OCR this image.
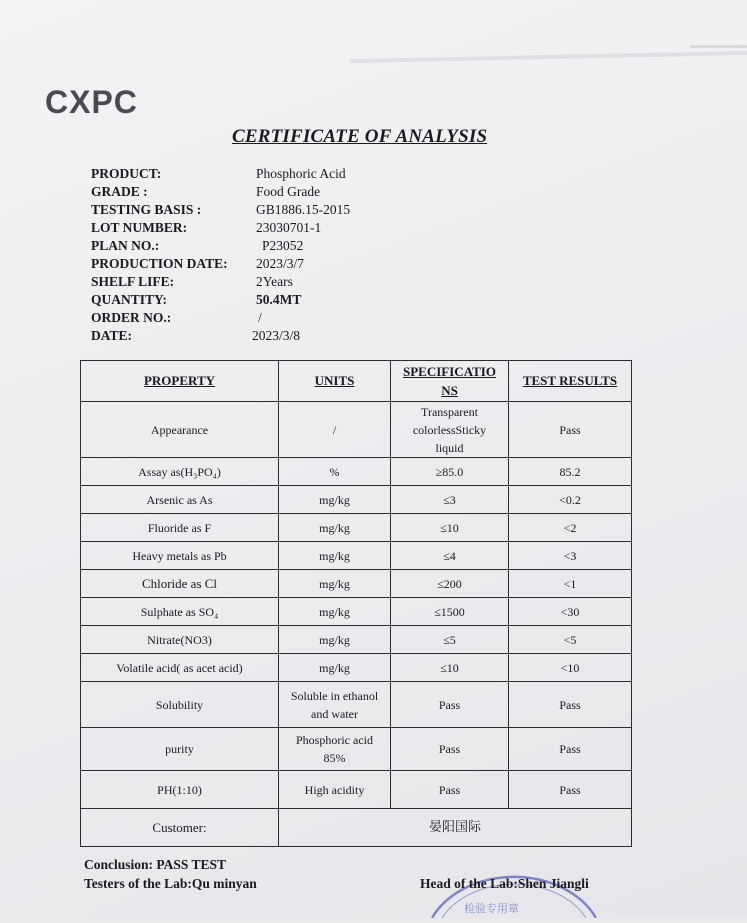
CXPC
CERTIFICATE OF ANALYSIS
PRODUCT:	Phosphoric Acid
GRADE :	Food Grade
TESTING BASIS :	GB1886.15-2015
LOT NUMBER:	23030701-1
PLAN NO.:	P23052
PRODUCTION DATE: 2023/3/7
SHELF LIFE:	2Years
QUANTITY:	50.4MT
ORDER NO.:	/
DATE:	2023/3/8
PROPERTY	UNITS	SPECIFICATIO NS	TEST RESULTS
Appearance	/	Transparent colorlessSticky liquid	Pass
Assay as(H₃PO₄)	%	≥85.0	85.2
Arsenic as As	mg/kg	≤3	<0.2
Fluoride as F	mg/kg	≤10	<2
Heavy metals as Pb	mg/kg	≤4	<3
Chloride as Cl	mg/kg	≤200	<1
Sulphate as SO₄	mg/kg	≤1500	<30
Nitrate(NO3)	mg/kg	≤5	<5
Volatile acid( as acet acid)	mg/kg	≤10	<10
Solubility	Soluble in ethanol and water	Pass	Pass
purity	Phosphoric acid 85%	Pass	Pass
PH(1:10)	High acidity	Pass	Pass
Customer:	晏阳国际		
Conclusion: PASS TEST
Testers of the Lab:Qu minyan
检验专用章
Head of the Lab:Shen Jiangli
